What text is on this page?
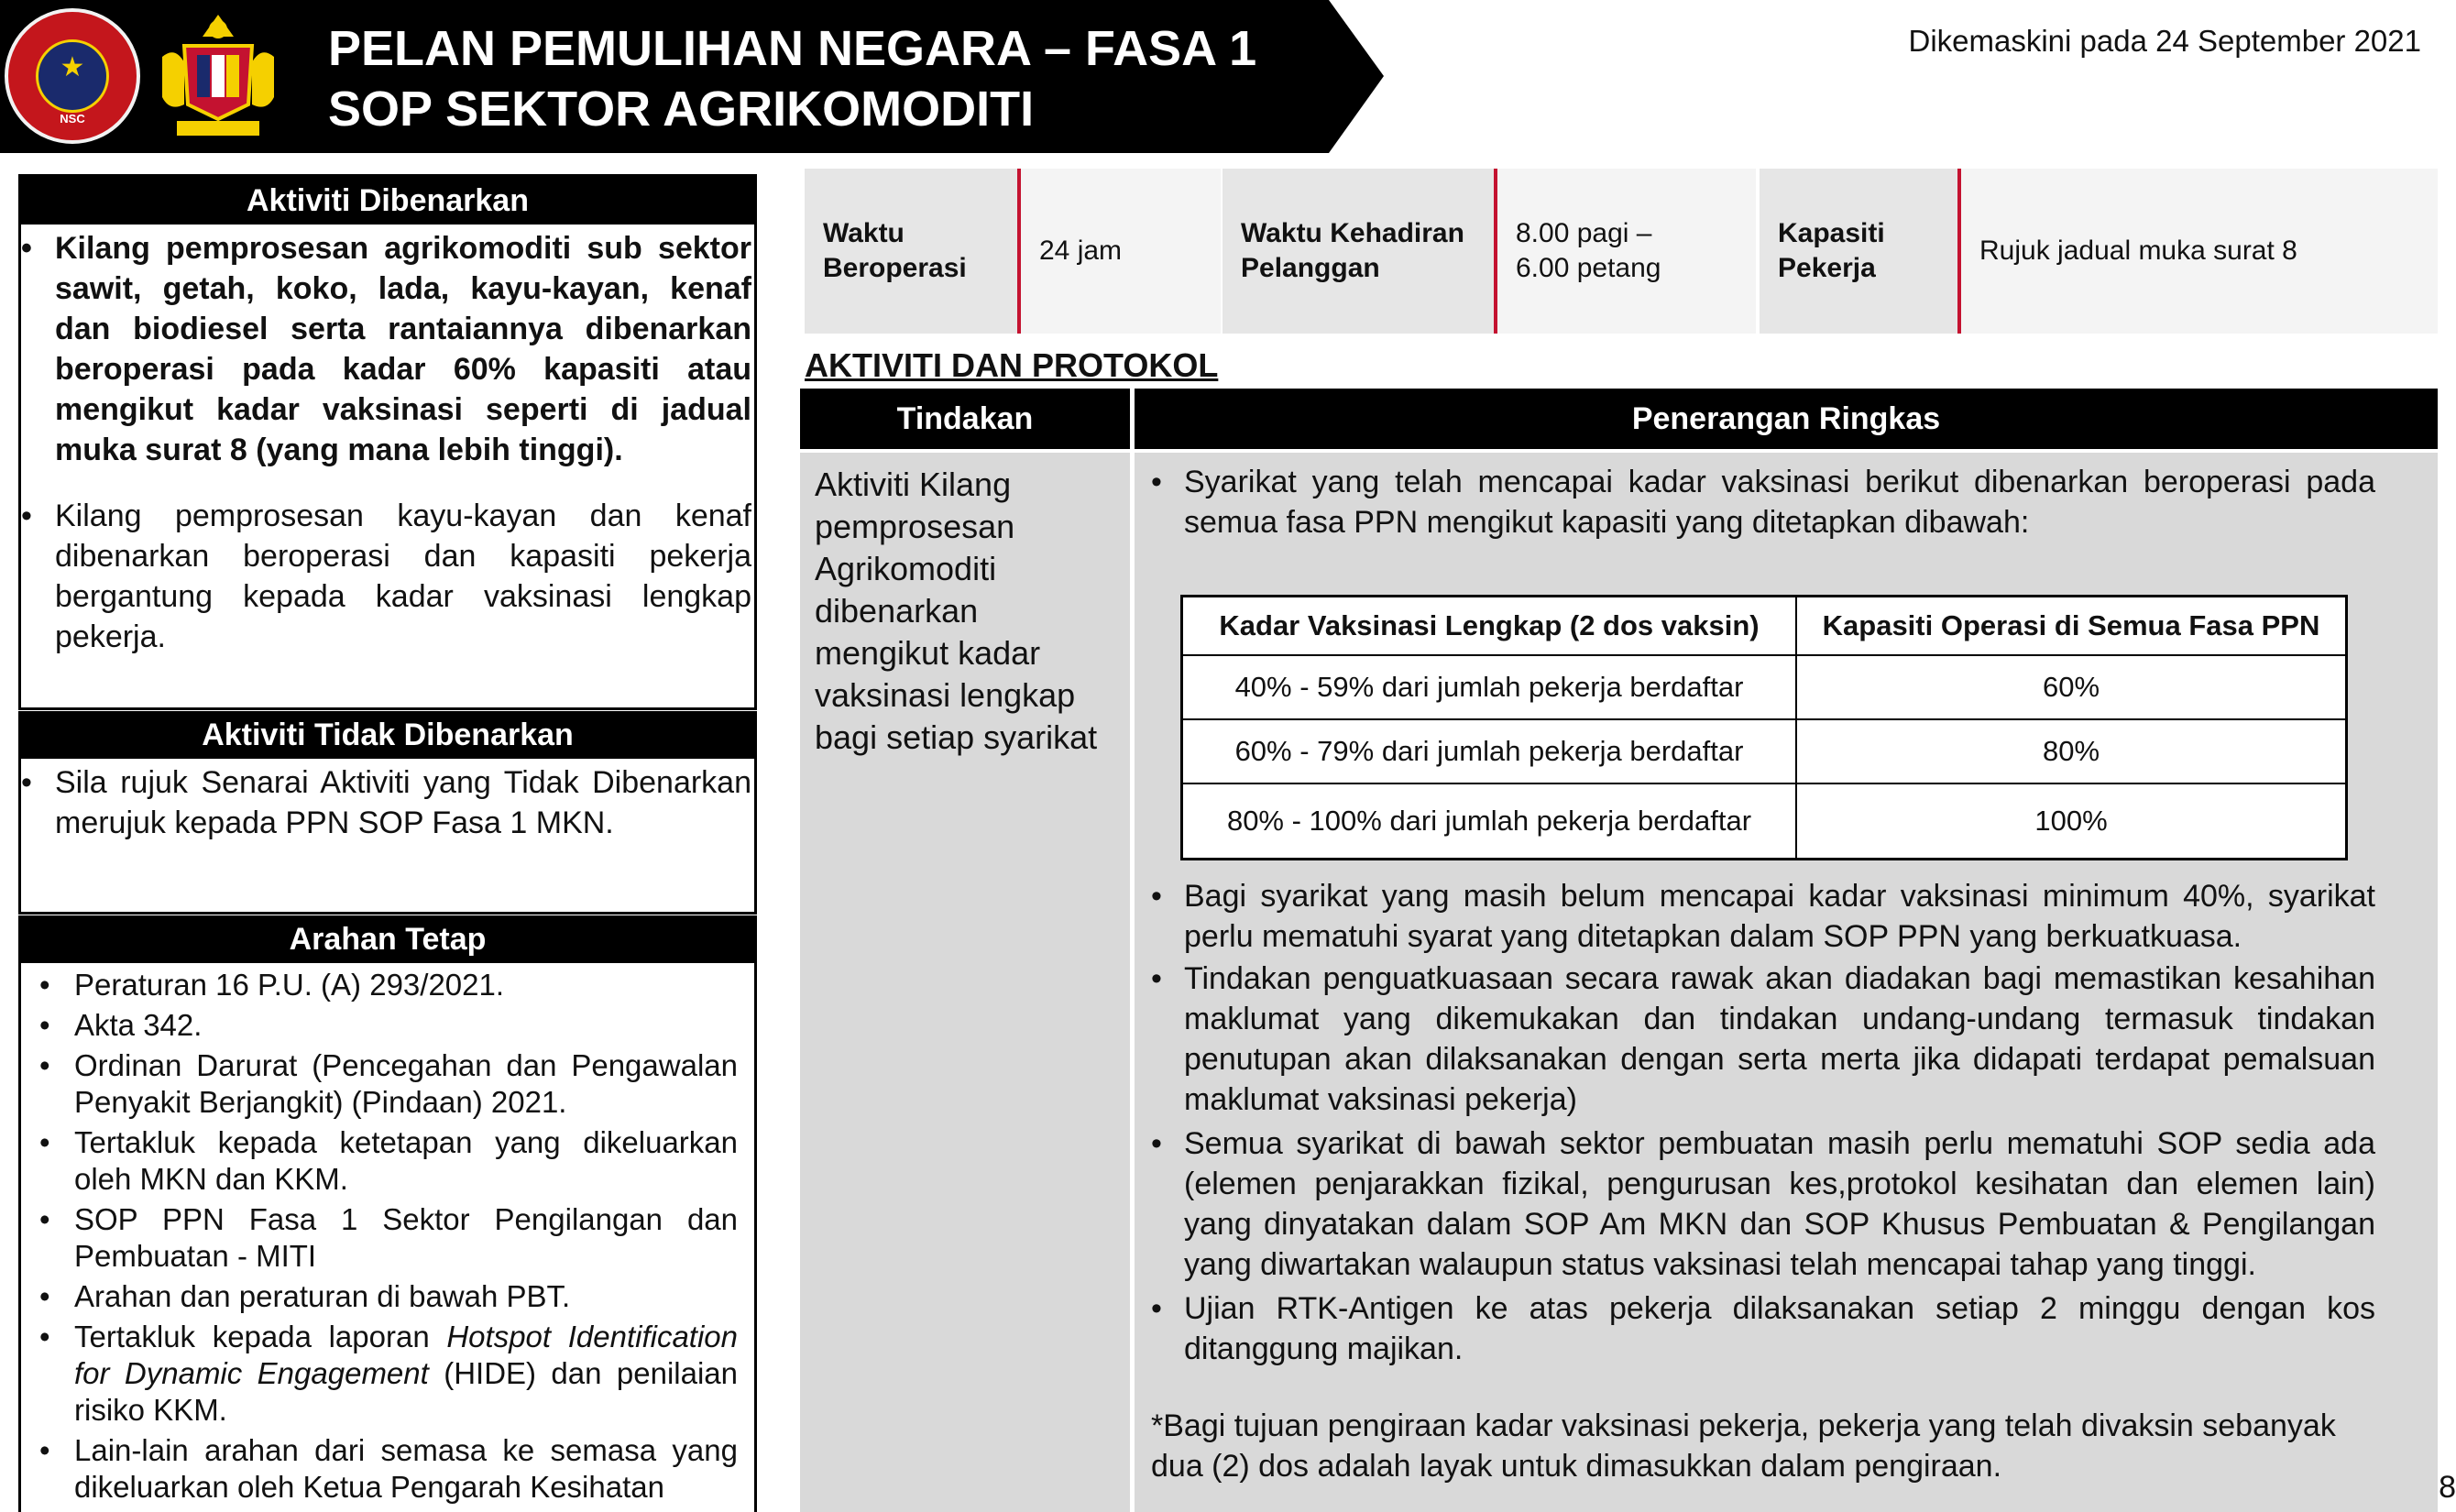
★
NSC
PELAN PEMULIHAN NEGARA – FASA 1
SOP SEKTOR AGRIKOMODITI
Dikemaskini pada 24 September 2021
Aktiviti Dibenarkan
• Kilang pemprosesan agrikomoditi sub sektor sawit, getah, koko, lada, kayu-kayan, kenaf dan biodiesel serta rantaiannya dibenarkan beroperasi pada kadar 60% kapasiti atau mengikut kadar vaksinasi seperti di jadual muka surat 8 (yang mana lebih tinggi).
• Kilang pemprosesan kayu-kayan dan kenaf dibenarkan beroperasi dan kapasiti pekerja bergantung kepada kadar vaksinasi lengkap pekerja.
Aktiviti Tidak Dibenarkan
• Sila rujuk Senarai Aktiviti yang Tidak Dibenarkan merujuk kepada PPN SOP Fasa 1 MKN.
Arahan Tetap
• Peraturan 16 P.U. (A) 293/2021.
• Akta 342.
• Ordinan Darurat (Pencegahan dan Pengawalan Penyakit Berjangkit) (Pindaan) 2021.
• Tertakluk kepada ketetapan yang dikeluarkan oleh MKN dan KKM.
• SOP PPN Fasa 1 Sektor Pengilangan dan Pembuatan - MITI
• Arahan dan peraturan di bawah PBT.
• Tertakluk kepada laporan Hotspot Identification for Dynamic Engagement (HIDE) dan penilaian risiko KKM.
• Lain-lain arahan dari semasa ke semasa yang dikeluarkan oleh Ketua Pengarah Kesihatan
Waktu Beroperasi
24 jam
Waktu Kehadiran Pelanggan
8.00 pagi – 6.00 petang
Kapasiti Pekerja
Rujuk jadual muka surat 8
AKTIVITI DAN PROTOKOL
Tindakan	Penerangan Ringkas
Aktiviti Kilang pemprosesan Agrikomoditi dibenarkan mengikut kadar vaksinasi lengkap bagi setiap syarikat
• Syarikat yang telah mencapai kadar vaksinasi berikut dibenarkan beroperasi pada semua fasa PPN mengikut kapasiti yang ditetapkan dibawah:
Kadar Vaksinasi Lengkap (2 dos vaksin)	Kapasiti Operasi di Semua Fasa PPN
40% - 59% dari jumlah pekerja berdaftar	60%
60% - 79% dari jumlah pekerja berdaftar	80%
80% - 100% dari jumlah pekerja berdaftar	100%
• Bagi syarikat yang masih belum mencapai kadar vaksinasi minimum 40%, syarikat perlu mematuhi syarat yang ditetapkan dalam SOP PPN yang berkuatkuasa.
• Tindakan penguatkuasaan secara rawak akan diadakan bagi memastikan kesahihan maklumat yang dikemukakan dan tindakan undang-undang termasuk tindakan penutupan akan dilaksanakan dengan serta merta jika didapati terdapat pemalsuan maklumat vaksinasi pekerja)
• Semua syarikat di bawah sektor pembuatan masih perlu mematuhi SOP sedia ada (elemen penjarakkan fizikal, pengurusan kes,protokol kesihatan dan elemen lain) yang dinyatakan dalam SOP Am MKN dan SOP Khusus Pembuatan & Pengilangan yang diwartakan walaupun status vaksinasi telah mencapai tahap yang tinggi.
• Ujian RTK-Antigen ke atas pekerja dilaksanakan setiap 2 minggu dengan kos ditanggung majikan.
*Bagi tujuan pengiraan kadar vaksinasi pekerja, pekerja yang telah divaksin sebanyak dua (2) dos adalah layak untuk dimasukkan dalam pengiraan.
8
